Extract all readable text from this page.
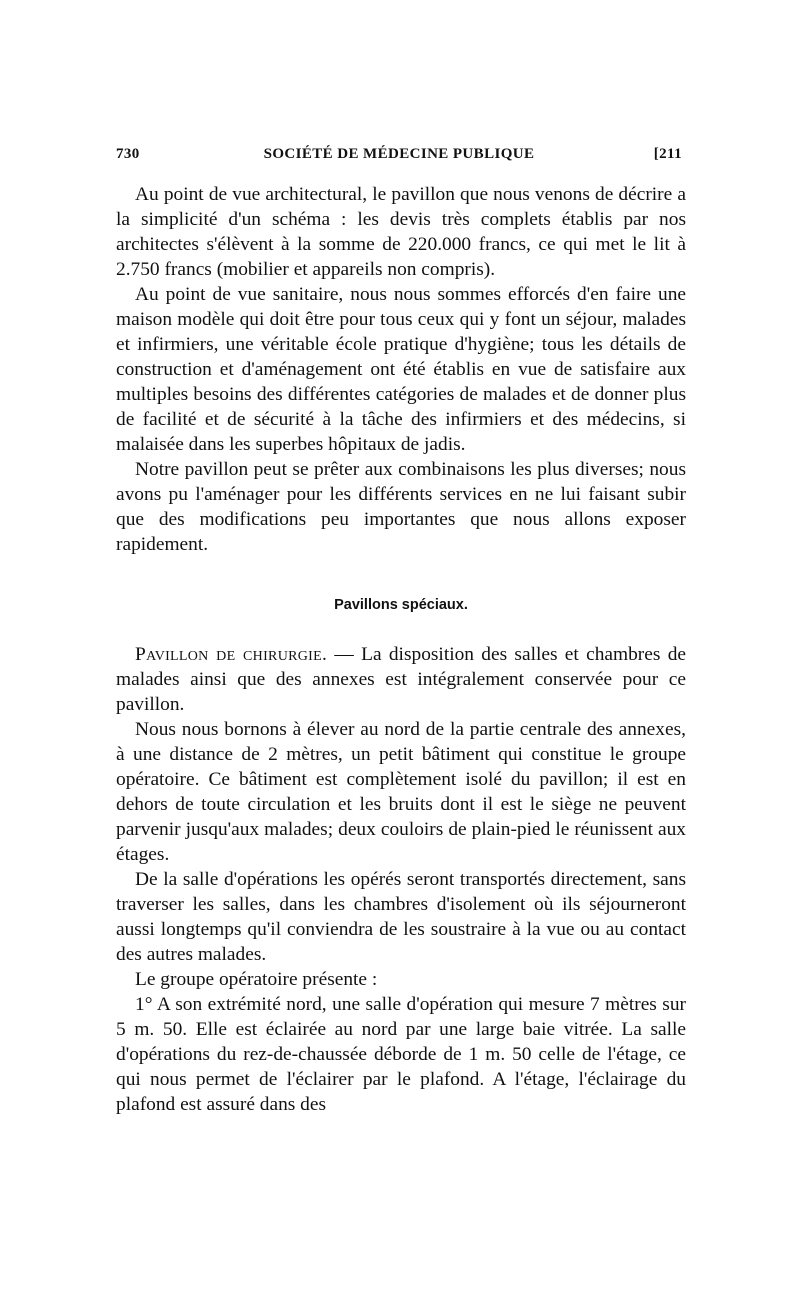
730	SOCIÉTÉ DE MÉDECINE PUBLIQUE	[211

Au point de vue architectural, le pavillon que nous venons de décrire a la simplicité d'un schéma : les devis très complets établis par nos architectes s'élèvent à la somme de 220.000 francs, ce qui met le lit à 2.750 francs (mobilier et appareils non compris).

Au point de vue sanitaire, nous nous sommes efforcés d'en faire une maison modèle qui doit être pour tous ceux qui y font un séjour, malades et infirmiers, une véritable école pratique d'hygiène; tous les détails de construction et d'aménagement ont été établis en vue de satisfaire aux multiples besoins des différentes catégories de malades et de donner plus de facilité et de sécurité à la tâche des infirmiers et des médecins, si malaisée dans les superbes hôpitaux de jadis.

Notre pavillon peut se prêter aux combinaisons les plus diverses; nous avons pu l'aménager pour les différents services en ne lui faisant subir que des modifications peu importantes que nous allons exposer rapidement.

Pavillons spéciaux.

Pavillon de chirurgie. — La disposition des salles et chambres de malades ainsi que des annexes est intégralement conservée pour ce pavillon.

Nous nous bornons à élever au nord de la partie centrale des annexes, à une distance de 2 mètres, un petit bâtiment qui constitue le groupe opératoire. Ce bâtiment est complètement isolé du pavillon; il est en dehors de toute circulation et les bruits dont il est le siège ne peuvent parvenir jusqu'aux malades; deux couloirs de plain-pied le réunissent aux étages.

De la salle d'opérations les opérés seront transportés directement, sans traverser les salles, dans les chambres d'isolement où ils séjourneront aussi longtemps qu'il conviendra de les soustraire à la vue ou au contact des autres malades.

Le groupe opératoire présente :

1° A son extrémité nord, une salle d'opération qui mesure 7 mètres sur 5 m. 50. Elle est éclairée au nord par une large baie vitrée. La salle d'opérations du rez-de-chaussée déborde de 1 m. 50 celle de l'étage, ce qui nous permet de l'éclairer par le plafond. A l'étage, l'éclairage du plafond est assuré dans des
